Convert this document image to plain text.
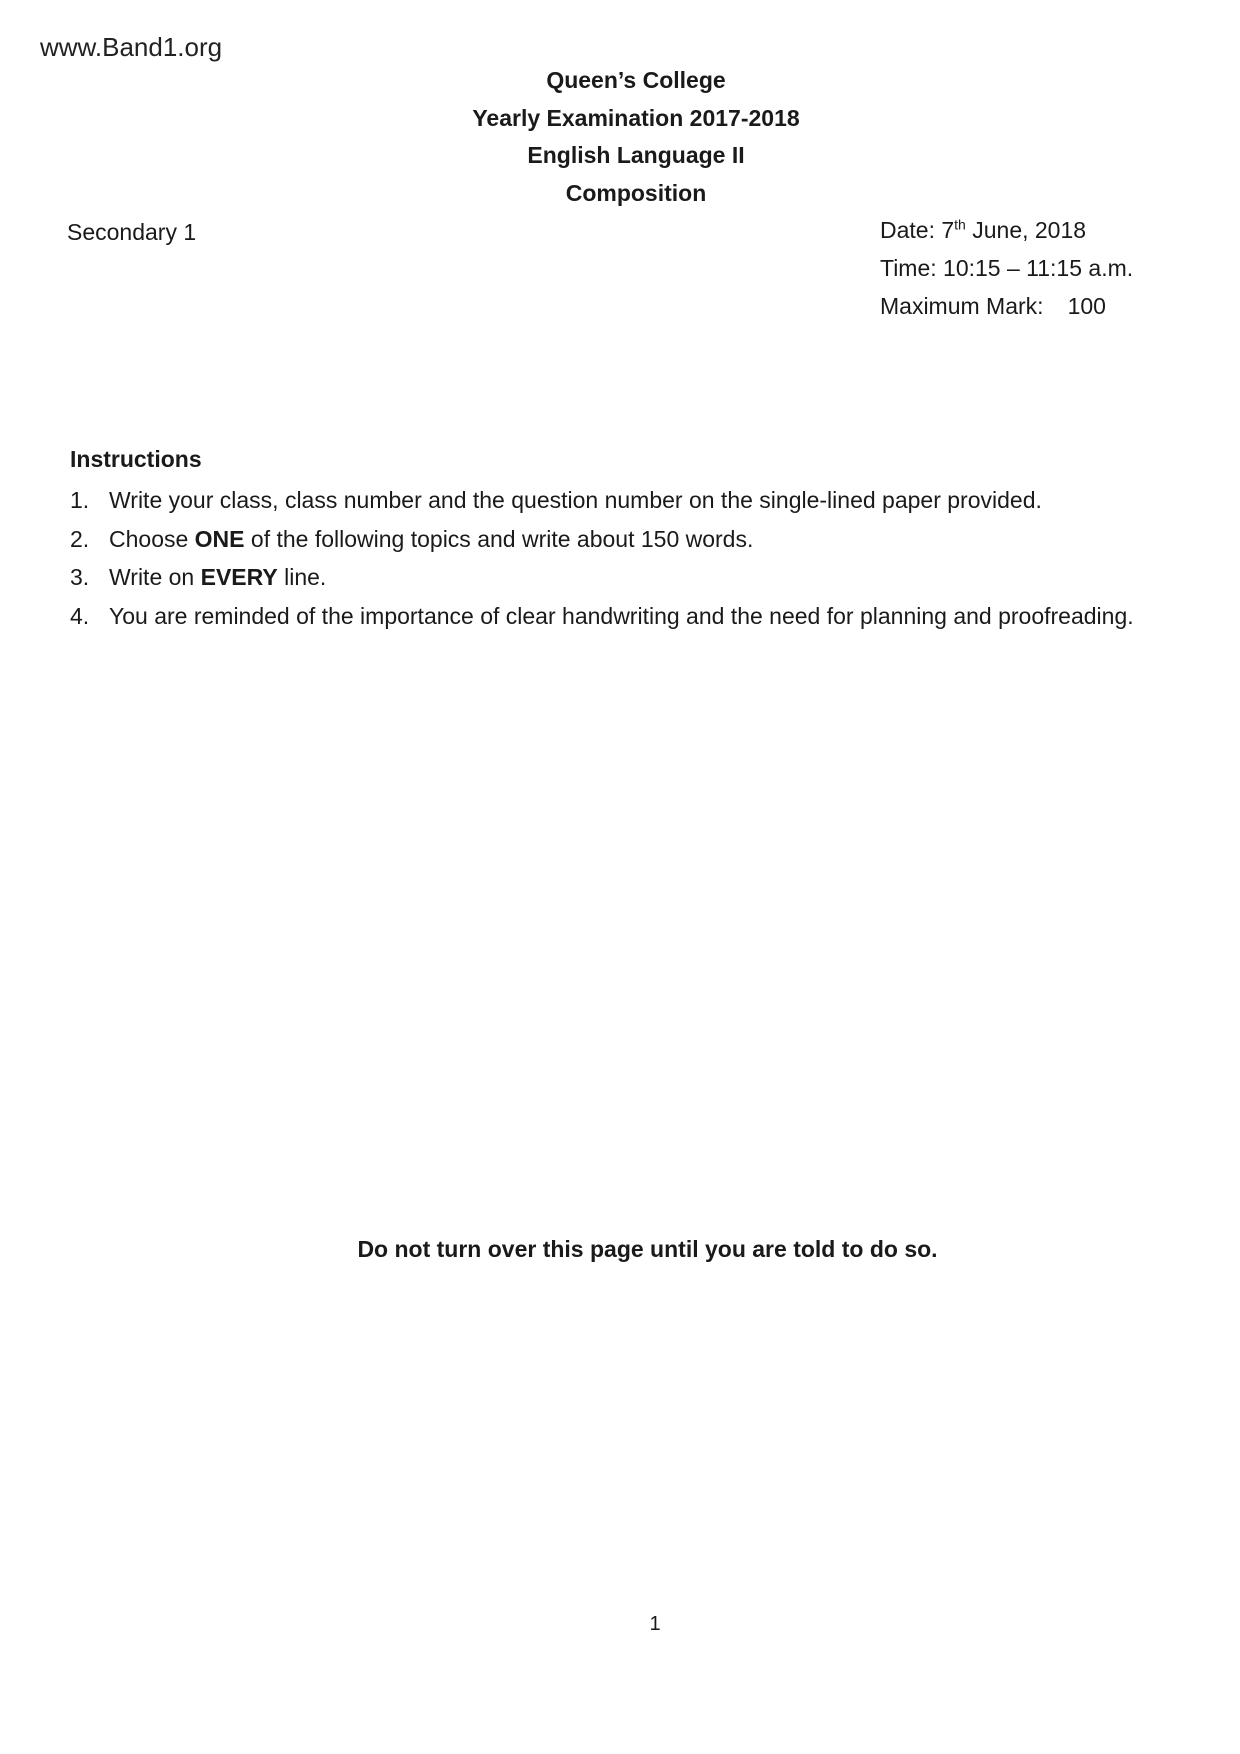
www.Band1.org
Queen’s College
Yearly Examination 2017-2018
English Language II
Composition
Secondary 1	Date: 7th June, 2018
Time: 10:15 – 11:15 a.m.
Maximum Mark: 100
Instructions
1. Write your class, class number and the question number on the single-lined paper provided.
2. Choose ONE of the following topics and write about 150 words.
3. Write on EVERY line.
4. You are reminded of the importance of clear handwriting and the need for planning and proofreading.
Do not turn over this page until you are told to do so.
1
